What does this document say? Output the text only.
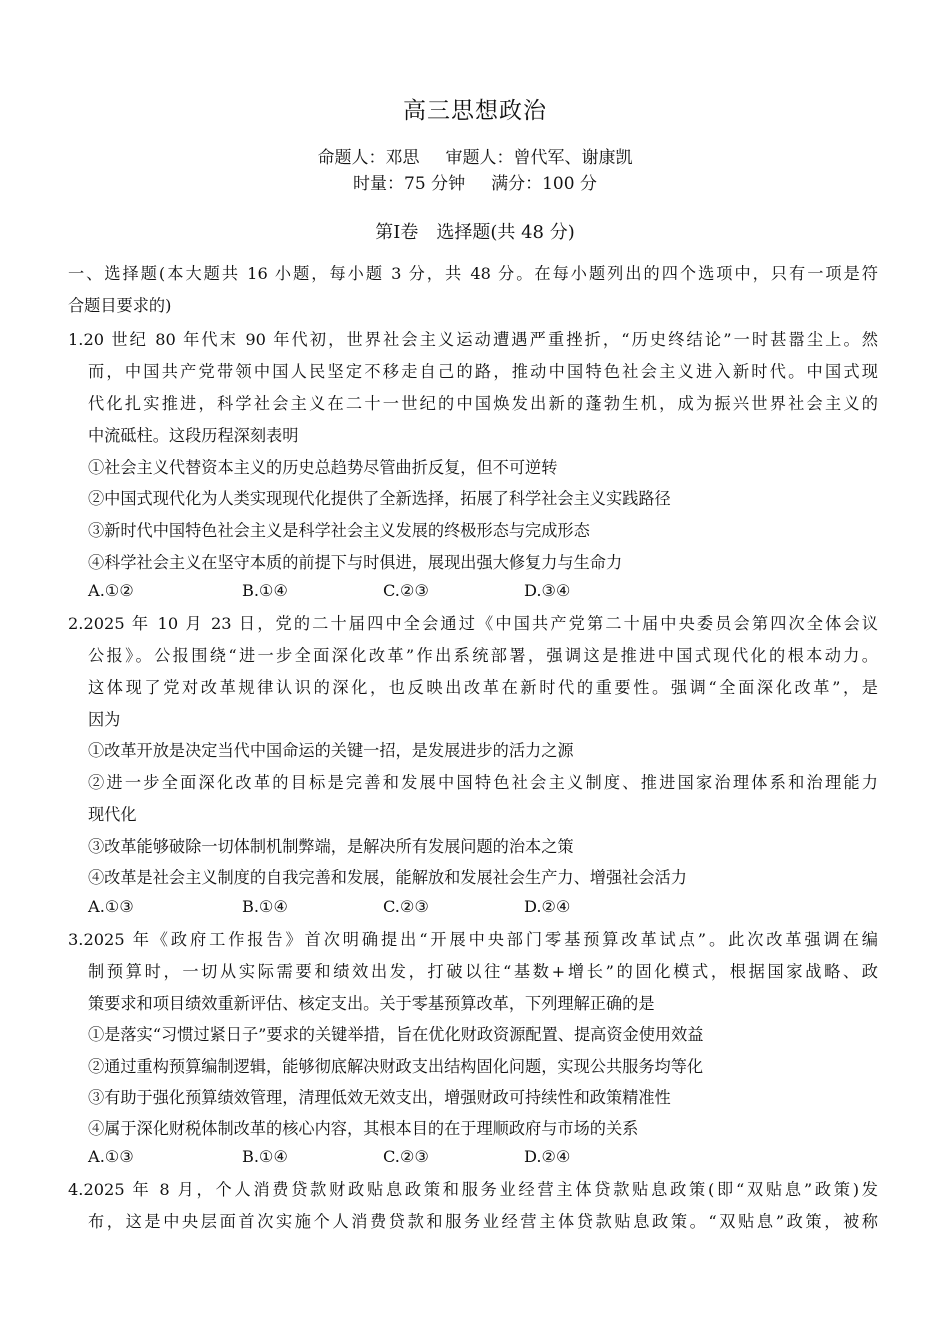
高三思想政治
命题人：邓思 审题人：曾代军、谢康凯
时量：75 分钟 满分：100 分
第Ⅰ卷 选择题(共 48 分)
一、选择题(本大题共 16 小题，每小题 3 分，共 48 分。在每小题列出的四个选项中，只有一项是符
合题目要求的)
1.20 世纪 80 年代末 90 年代初，世界社会主义运动遭遇严重挫折，“历史终结论”一时甚嚣尘上。然
而，中国共产党带领中国人民坚定不移走自己的路，推动中国特色社会主义进入新时代。中国式现
代化扎实推进，科学社会主义在二十一世纪的中国焕发出新的蓬勃生机，成为振兴世界社会主义的
中流砥柱。这段历程深刻表明
①社会主义代替资本主义的历史总趋势尽管曲折反复，但不可逆转
②中国式现代化为人类实现现代化提供了全新选择，拓展了科学社会主义实践路径
③新时代中国特色社会主义是科学社会主义发展的终极形态与完成形态
④科学社会主义在坚守本质的前提下与时俱进，展现出强大修复力与生命力
A.①②	B.①④	C.②③	D.③④
2.2025 年 10 月 23 日，党的二十届四中全会通过《中国共产党第二十届中央委员会第四次全体会议
公报》。公报围绕“进一步全面深化改革”作出系统部署，强调这是推进中国式现代化的根本动力。
这体现了党对改革规律认识的深化，也反映出改革在新时代的重要性。强调“全面深化改革”，是
因为
①改革开放是决定当代中国命运的关键一招，是发展进步的活力之源
②进一步全面深化改革的目标是完善和发展中国特色社会主义制度、推进国家治理体系和治理能力
现代化
③改革能够破除一切体制机制弊端，是解决所有发展问题的治本之策
④改革是社会主义制度的自我完善和发展，能解放和发展社会生产力、增强社会活力
A.①③	B.①④	C.②③	D.②④
3.2025 年《政府工作报告》首次明确提出“开展中央部门零基预算改革试点”。此次改革强调在编
制预算时，一切从实际需要和绩效出发，打破以往“基数+增长”的固化模式，根据国家战略、政
策要求和项目绩效重新评估、核定支出。关于零基预算改革，下列理解正确的是
①是落实“习惯过紧日子”要求的关键举措，旨在优化财政资源配置、提高资金使用效益
②通过重构预算编制逻辑，能够彻底解决财政支出结构固化问题，实现公共服务均等化
③有助于强化预算绩效管理，清理低效无效支出，增强财政可持续性和政策精准性
④属于深化财税体制改革的核心内容，其根本目的在于理顺政府与市场的关系
A.①③	B.①④	C.②③	D.②④
4.2025 年 8 月，个人消费贷款财政贴息政策和服务业经营主体贷款贴息政策(即“双贴息”政策)发
布，这是中央层面首次实施个人消费贷款和服务业经营主体贷款贴息政策。“双贴息”政策，被称
